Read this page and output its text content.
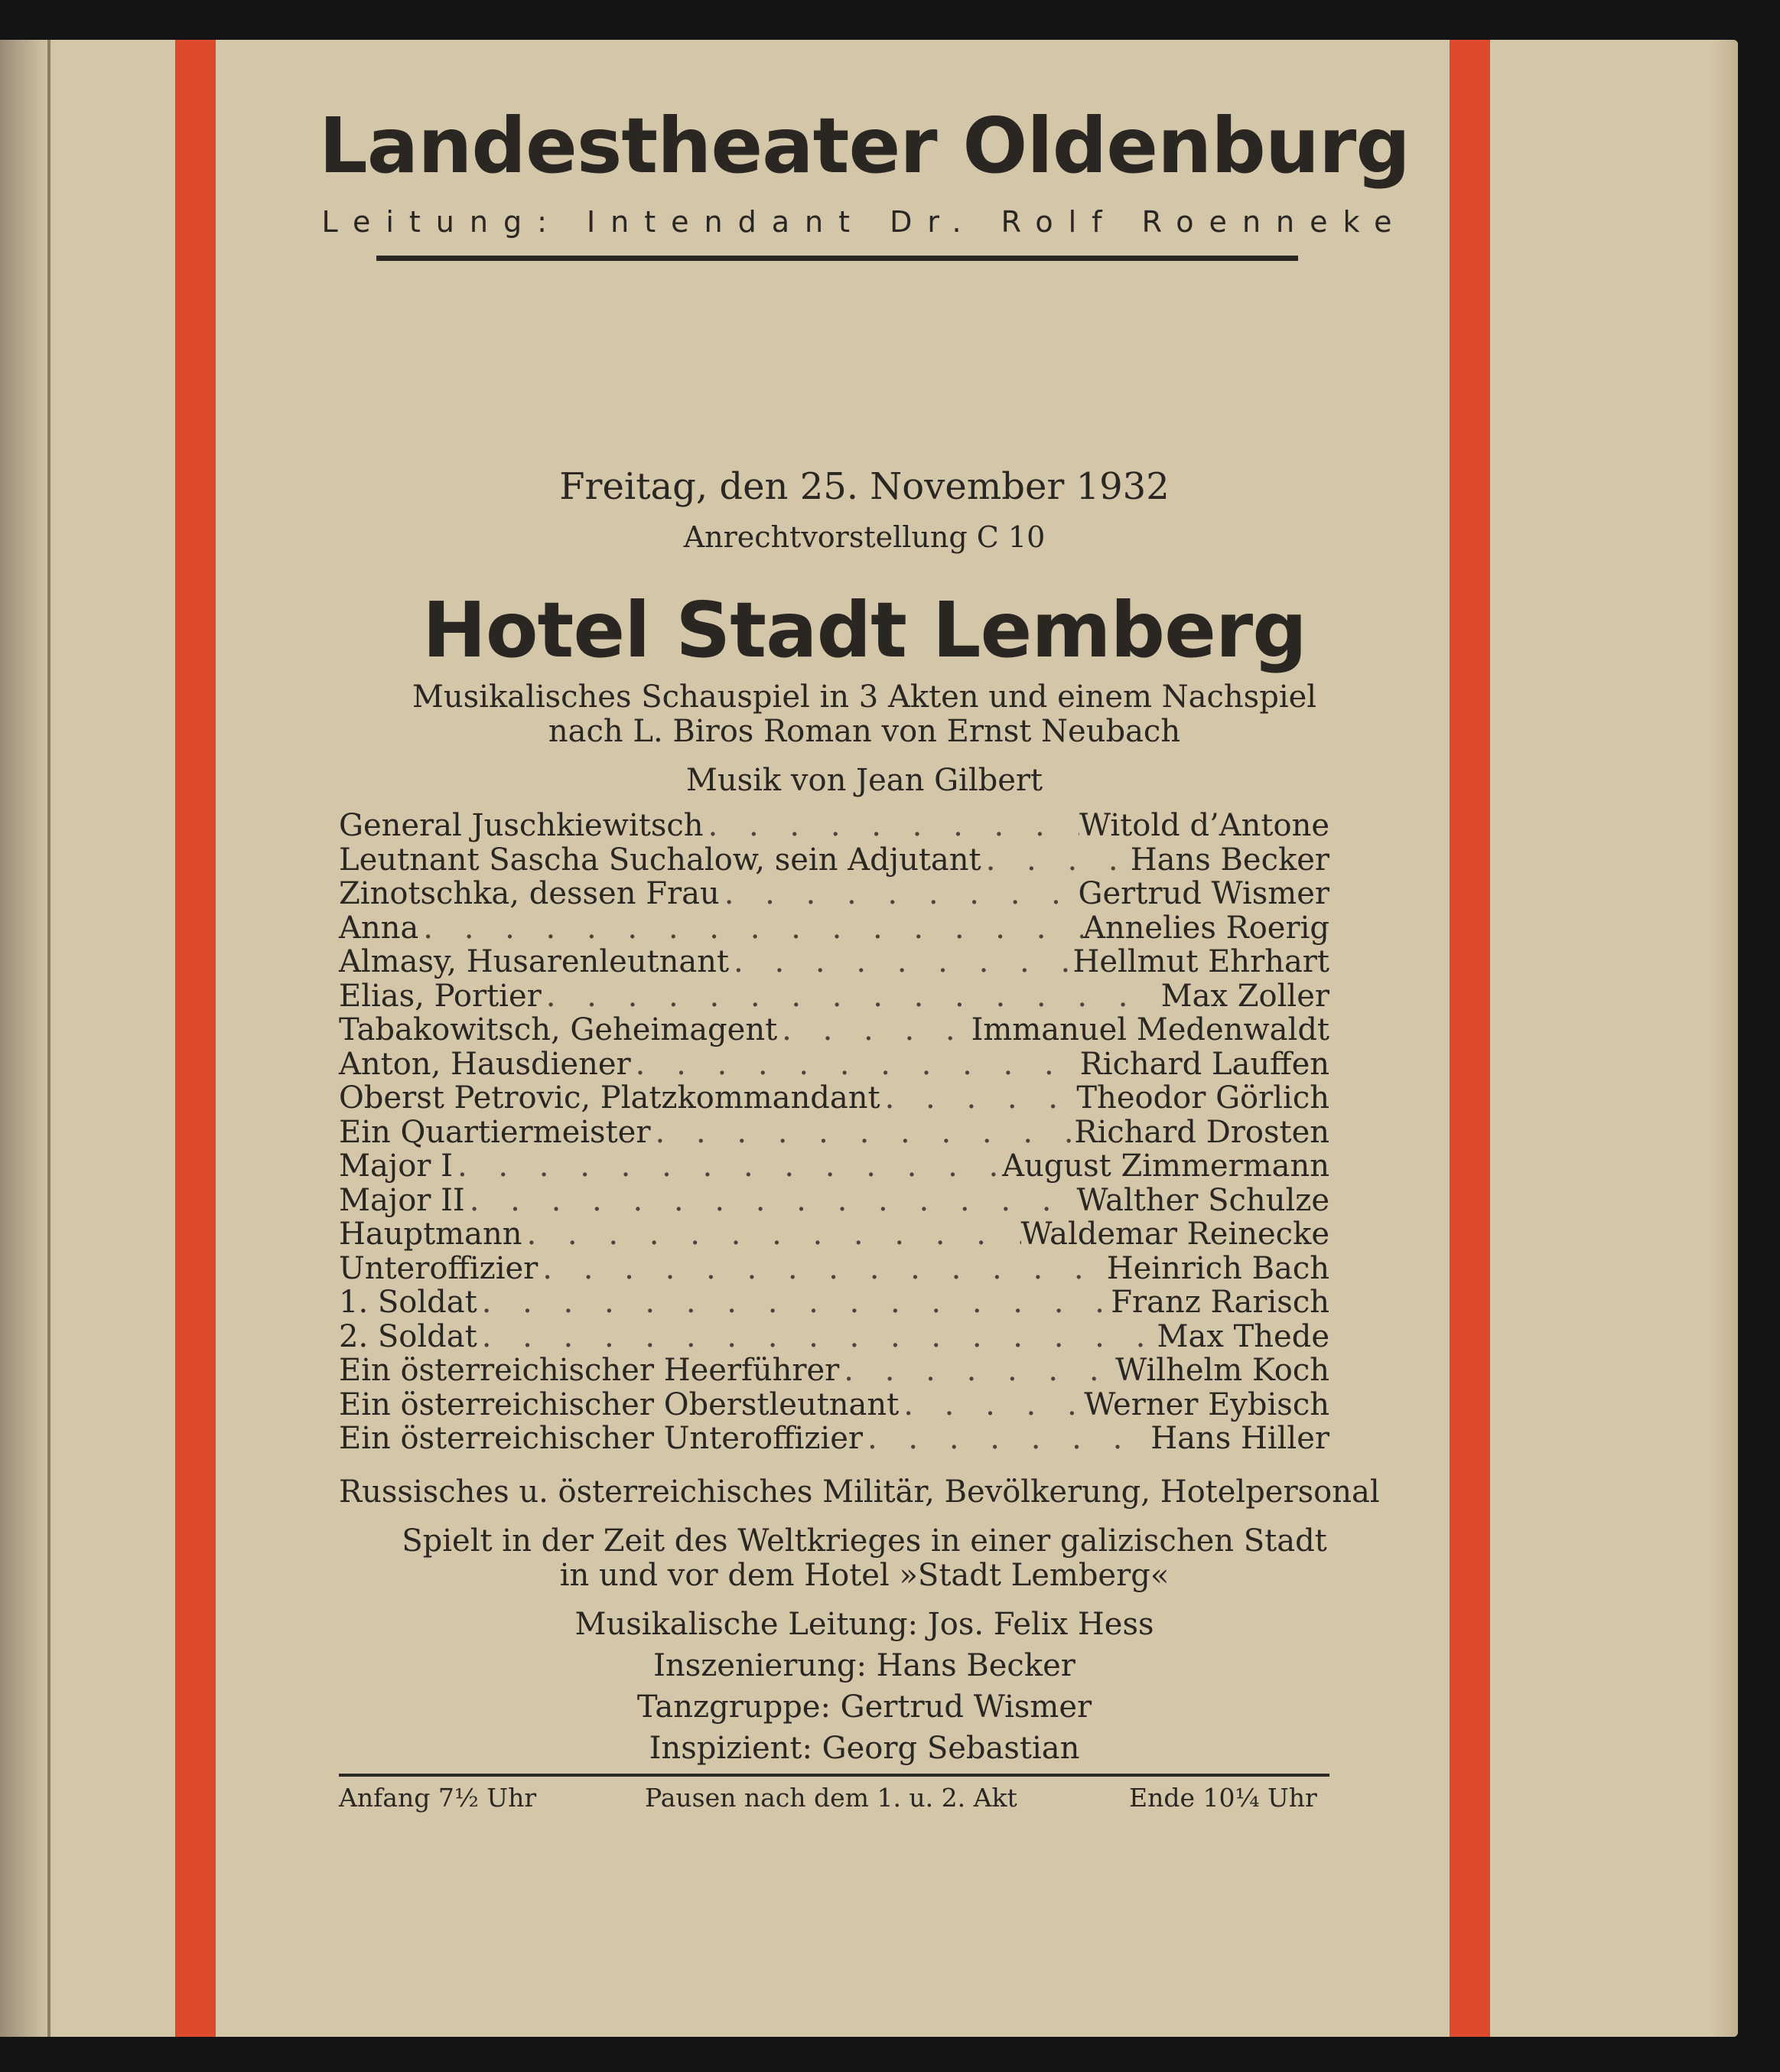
Landestheater Oldenburg
Leitung: Intendant Dr. Rolf Roenneke
Freitag, den 25. November 1932
Anrechtvorstellung C 10
Hotel Stadt Lemberg
Musikalisches Schauspiel in 3 Akten und einem Nachspiel
nach L. Biros Roman von Ernst Neubach
Musik von Jean Gilbert
General Juschkiewitsch . . .	Witold d’Antone
Leutnant Sascha Suchalow, sein Adjutant . . .	Hans Becker
Zinotschka, dessen Frau . . .	Gertrud Wismer
Anna . . .	Annelies Roerig
Almasy, Husarenleutnant . . .	Hellmut Ehrhart
Elias, Portier . . .	Max Zoller
Tabakowitsch, Geheimagent . . .	Immanuel Medenwaldt
Anton, Hausdiener . . .	Richard Lauffen
Oberst Petrovic, Platzkommandant . . .	Theodor Görlich
Ein Quartiermeister . . .	Richard Drosten
Major I . . .	August Zimmermann
Major II . . .	Walther Schulze
Hauptmann . . .	Waldemar Reinecke
Unteroffizier . . .	Heinrich Bach
1. Soldat . . .	Franz Rarisch
2. Soldat . . .	Max Thede
Ein österreichischer Heerführer . . .	Wilhelm Koch
Ein österreichischer Oberstleutnant . . .	Werner Eybisch
Ein österreichischer Unteroffizier . . .	Hans Hiller
Russisches u. österreichisches Militär, Bevölkerung, Hotelpersonal
Spielt in der Zeit des Weltkrieges in einer galizischen Stadt
in und vor dem Hotel »Stadt Lemberg«
Musikalische Leitung: Jos. Felix Hess
Inszenierung: Hans Becker
Tanzgruppe: Gertrud Wismer
Inspizient: Georg Sebastian
Anfang 7½ Uhr	Pausen nach dem 1. u. 2. Akt	Ende 10¼ Uhr
